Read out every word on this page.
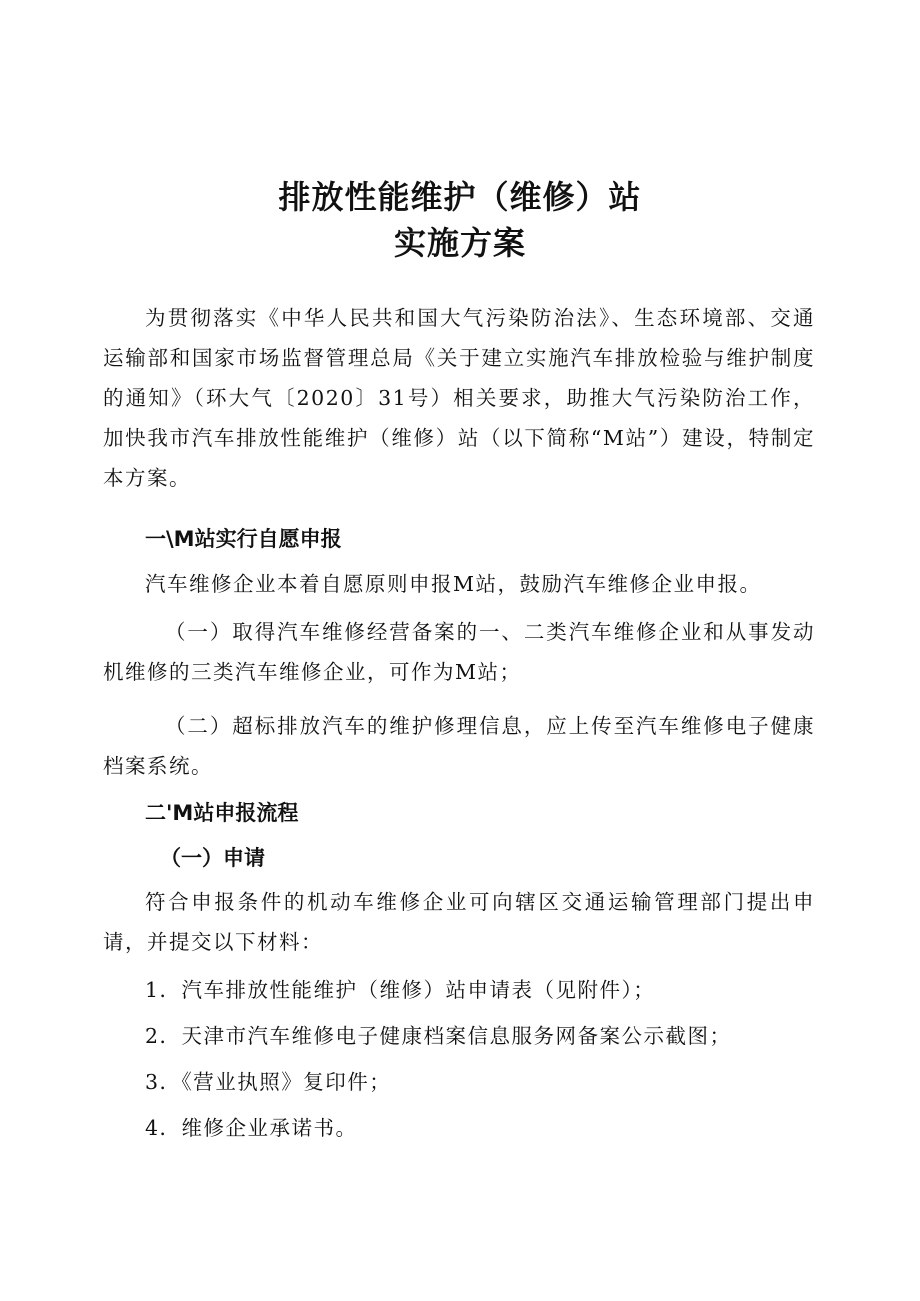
排放性能维护（维修）站
实施方案
为贯彻落实《中华人民共和国大气污染防治法》、生态环境部、交通运输部和国家市场监督管理总局《关于建立实施汽车排放检验与维护制度的通知》（环大气〔2020〕31号）相关要求，助推大气污染防治工作，加快我市汽车排放性能维护（维修）站（以下简称“M站”）建设，特制定本方案。
一\M站实行自愿申报
汽车维修企业本着自愿原则申报M站，鼓励汽车维修企业申报。
（一）取得汽车维修经营备案的一、二类汽车维修企业和从事发动机维修的三类汽车维修企业，可作为M站；
（二）超标排放汽车的维护修理信息，应上传至汽车维修电子健康档案系统。
二'M站申报流程
（一）申请
符合申报条件的机动车维修企业可向辖区交通运输管理部门提出申请，并提交以下材料：
1．汽车排放性能维护（维修）站申请表（见附件）；
2．天津市汽车维修电子健康档案信息服务网备案公示截图；
3．《营业执照》复印件；
4．维修企业承诺书。
